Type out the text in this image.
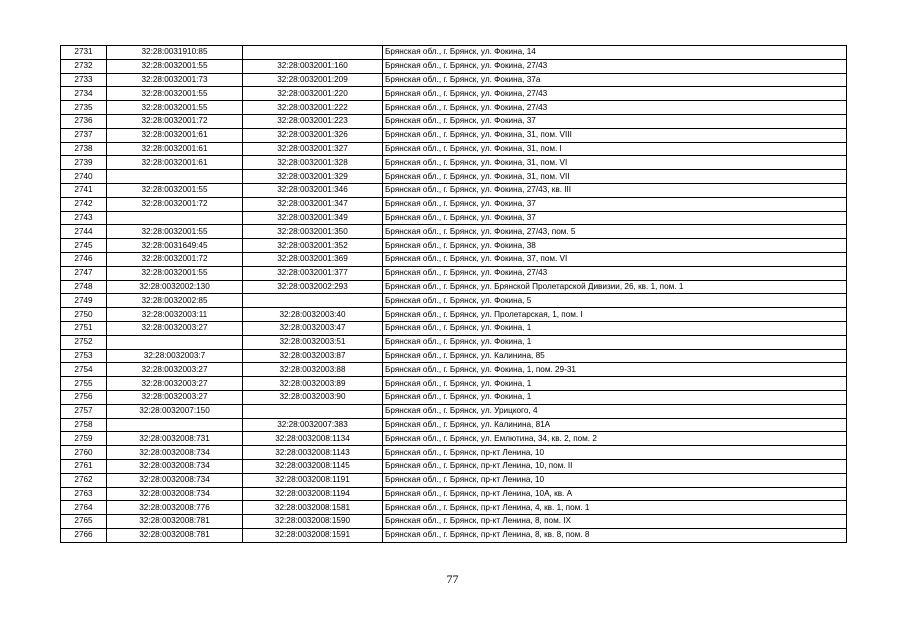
2731	32:28:0031910:85		Брянская обл., г. Брянск, ул. Фокина, 14
2732	32:28:0032001:55	32:28:0032001:160	Брянская обл., г. Брянск, ул. Фокина, 27/43
2733	32:28:0032001:73	32:28:0032001:209	Брянская обл., г. Брянск, ул. Фокина, 37а
2734	32:28:0032001:55	32:28:0032001:220	Брянская обл., г. Брянск, ул. Фокина, 27/43
2735	32:28:0032001:55	32:28:0032001:222	Брянская обл., г. Брянск, ул. Фокина, 27/43
2736	32:28:0032001:72	32:28:0032001:223	Брянская обл., г. Брянск, ул. Фокина, 37
2737	32:28:0032001:61	32:28:0032001:326	Брянская обл., г. Брянск, ул. Фокина, 31, пом. VIII
2738	32:28:0032001:61	32:28:0032001:327	Брянская обл., г. Брянск, ул. Фокина, 31, пом. I
2739	32:28:0032001:61	32:28:0032001:328	Брянская обл., г. Брянск, ул. Фокина, 31, пом. VI
2740		32:28:0032001:329	Брянская обл., г. Брянск, ул. Фокина, 31, пом. VII
2741	32:28:0032001:55	32:28:0032001:346	Брянская обл., г. Брянск, ул. Фокина, 27/43, кв. III
2742	32:28:0032001:72	32:28:0032001:347	Брянская обл., г. Брянск, ул. Фокина, 37
2743		32:28:0032001:349	Брянская обл., г. Брянск, ул. Фокина, 37
2744	32:28:0032001:55	32:28:0032001:350	Брянская обл., г. Брянск, ул. Фокина, 27/43, пом. 5
2745	32:28:0031649:45	32:28:0032001:352	Брянская обл., г. Брянск, ул. Фокина, 38
2746	32:28:0032001:72	32:28:0032001:369	Брянская обл., г. Брянск, ул. Фокина, 37, пом. VI
2747	32:28:0032001:55	32:28:0032001:377	Брянская обл., г. Брянск, ул. Фокина, 27/43
2748	32:28:0032002:130	32:28:0032002:293	Брянская обл., г. Брянск, ул. Брянской Пролетарской Дивизии, 26, кв. 1, пом. 1
2749	32:28:0032002:85		Брянская обл., г. Брянск, ул. Фокина, 5
2750	32:28:0032003:11	32:28:0032003:40	Брянская обл., г. Брянск, ул. Пролетарская, 1, пом. I
2751	32:28:0032003:27	32:28:0032003:47	Брянская обл., г. Брянск, ул. Фокина, 1
2752		32:28:0032003:51	Брянская обл., г. Брянск, ул. Фокина, 1
2753	32:28:0032003:7	32:28:0032003:87	Брянская обл., г. Брянск, ул. Калинина, 85
2754	32:28:0032003:27	32:28:0032003:88	Брянская обл., г. Брянск, ул. Фокина, 1, пом. 29-31
2755	32:28:0032003:27	32:28:0032003:89	Брянская обл., г. Брянск, ул. Фокина, 1
2756	32:28:0032003:27	32:28:0032003:90	Брянская обл., г. Брянск, ул. Фокина, 1
2757	32:28:0032007:150		Брянская обл., г. Брянск, ул. Урицкого, 4
2758		32:28:0032007:383	Брянская обл., г. Брянск, ул. Калинина, 81А
2759	32:28:0032008:731	32:28:0032008:1134	Брянская обл., г. Брянск, ул. Емлютина, 34, кв. 2, пом. 2
2760	32:28:0032008:734	32:28:0032008:1143	Брянская обл., г. Брянск, пр-кт Ленина, 10
2761	32:28:0032008:734	32:28:0032008:1145	Брянская обл., г. Брянск, пр-кт Ленина, 10, пом. II
2762	32:28:0032008:734	32:28:0032008:1191	Брянская обл., г. Брянск, пр-кт Ленина, 10
2763	32:28:0032008:734	32:28:0032008:1194	Брянская обл., г. Брянск, пр-кт Ленина, 10А, кв. А
2764	32:28:0032008:776	32:28:0032008:1581	Брянская обл., г. Брянск, пр-кт Ленина, 4, кв. 1, пом. 1
2765	32:28:0032008:781	32:28:0032008:1590	Брянская обл., г. Брянск, пр-кт Ленина, 8, пом. IX
2766	32:28:0032008:781	32:28:0032008:1591	Брянская обл., г. Брянск, пр-кт Ленина, 8, кв. 8, пом. 8
77
